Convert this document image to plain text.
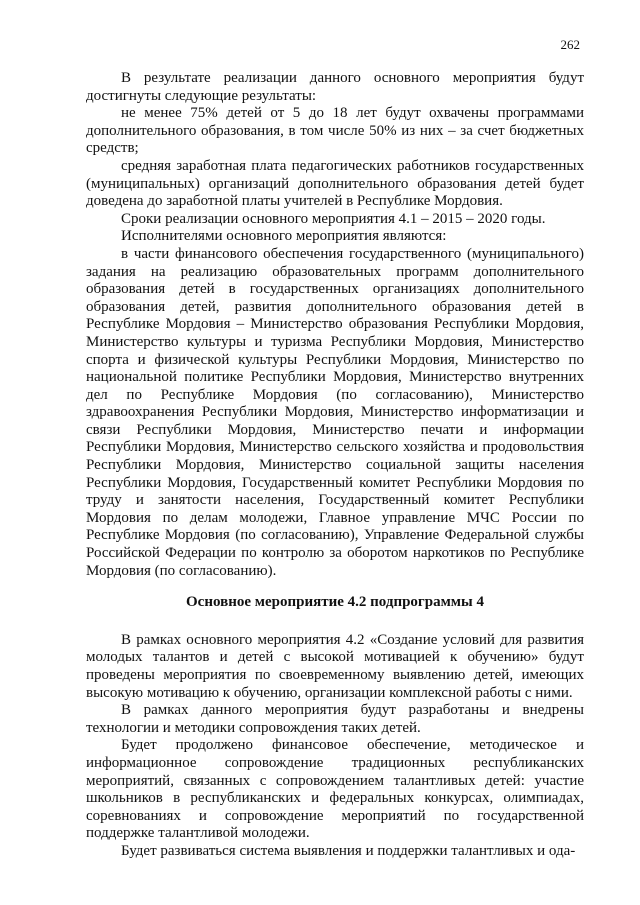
262

В результате реализации данного основного мероприятия будут достигнуты следующие результаты:

не менее 75% детей от 5 до 18 лет будут охвачены программами дополнительного образования, в том числе 50% из них – за счет бюджетных средств;

средняя заработная плата педагогических работников государственных (муниципальных) организаций дополнительного образования детей будет доведена до заработной платы учителей в Республике Мордовия.

Сроки реализации основного мероприятия 4.1 – 2015 – 2020 годы.

Исполнителями основного мероприятия являются:

в части финансового обеспечения государственного (муниципального) задания на реализацию образовательных программ дополнительного образования детей в государственных организациях дополнительного образования детей, развития дополнительного образования детей в Республике Мордовия – Министерство образования Республики Мордовия, Министерство культуры и туризма Республики Мордовия, Министерство спорта и физической культуры Республики Мордовия, Министерство по национальной политике Республики Мордовия, Министерство внутренних дел по Республике Мордовия (по согласованию), Министерство здравоохранения Республики Мордовия, Министерство информатизации и связи Республики Мордовия, Министерство печати и информации Республики Мордовия, Министерство сельского хозяйства и продовольствия Республики Мордовия, Министерство социальной защиты населения Республики Мордовия, Государственный комитет Республики Мордовия по труду и занятости населения, Государственный комитет Республики Мордовия по делам молодежи, Главное управление МЧС России по Республике Мордовия (по согласованию), Управление Федеральной службы Российской Федерации по контролю за оборотом наркотиков по Республике Мордовия (по согласованию).

Основное мероприятие 4.2 подпрограммы 4

В рамках основного мероприятия 4.2 «Создание условий для развития молодых талантов и детей с высокой мотивацией к обучению» будут проведены мероприятия по своевременному выявлению детей, имеющих высокую мотивацию к обучению, организации комплексной работы с ними.

В рамках данного мероприятия будут разработаны и внедрены технологии и методики сопровождения таких детей.

Будет продолжено финансовое обеспечение, методическое и информационное сопровождение традиционных республиканских мероприятий, связанных с сопровождением талантливых детей: участие школьников в республиканских и федеральных конкурсах, олимпиадах, соревнованиях и сопровождение мероприятий по государственной поддержке талантливой молодежи.

Будет развиваться система выявления и поддержки талантливых и ода-
